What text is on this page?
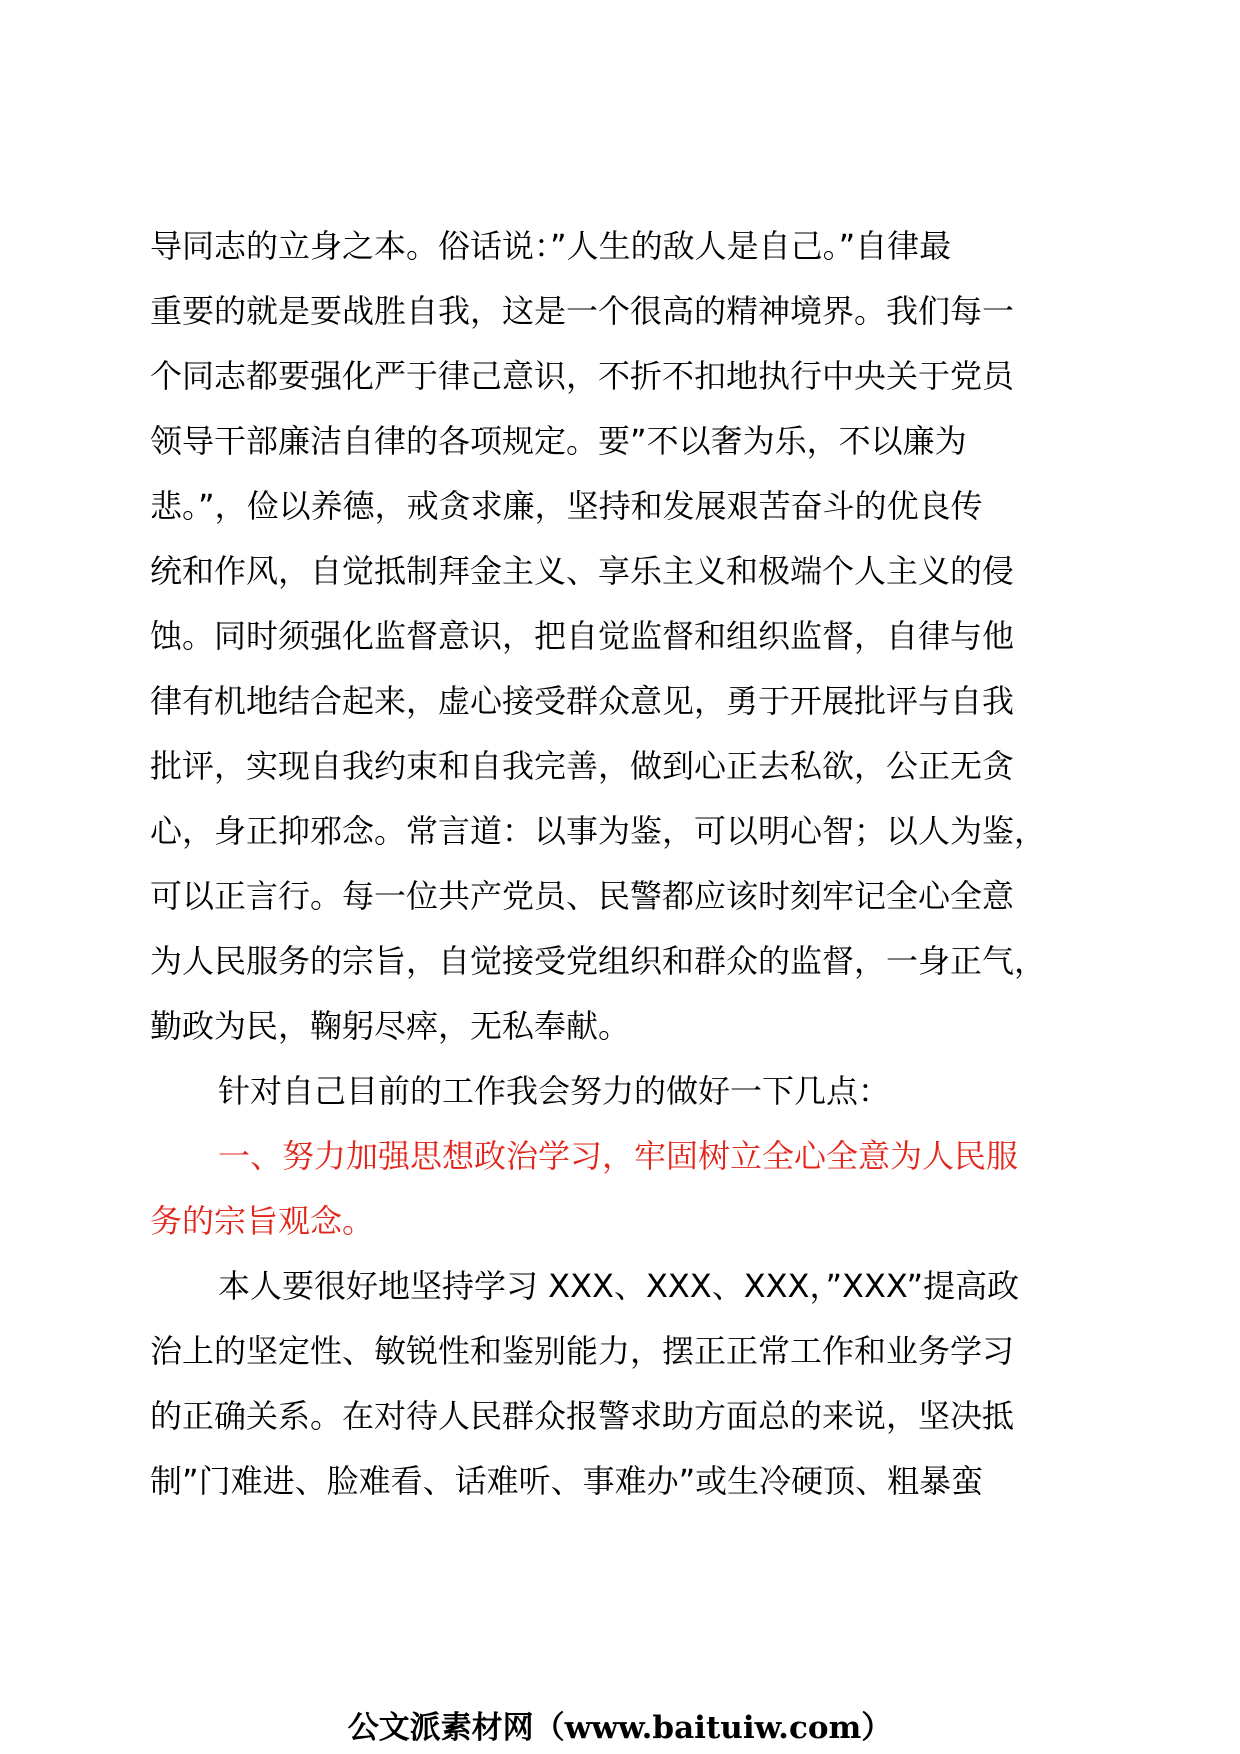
导同志的立身之本。俗话说：”人生的敌人是自己。”自律最
重要的就是要战胜自我，这是一个很高的精神境界。我们每一
个同志都要强化严于律己意识，不折不扣地执行中央关于党员
领导干部廉洁自律的各项规定。要”不以奢为乐，不以廉为
悲。”，俭以养德，戒贪求廉，坚持和发展艰苦奋斗的优良传
统和作风，自觉抵制拜金主义、享乐主义和极端个人主义的侵
蚀。同时须强化监督意识，把自觉监督和组织监督，自律与他
律有机地结合起来，虚心接受群众意见，勇于开展批评与自我
批评，实现自我约束和自我完善，做到心正去私欲，公正无贪
心，身正抑邪念。常言道：以事为鉴，可以明心智；以人为鉴，
可以正言行。每一位共产党员、民警都应该时刻牢记全心全意
为人民服务的宗旨，自觉接受党组织和群众的监督，一身正气，
勤政为民，鞠躬尽瘁，无私奉献。
针对自己目前的工作我会努力的做好一下几点：
一、努力加强思想政治学习，牢固树立全心全意为人民服
务的宗旨观念。
本人要很好地坚持学习 XXX、XXX、XXX，”XXX”提高政
治上的坚定性、敏锐性和鉴别能力，摆正正常工作和业务学习
的正确关系。在对待人民群众报警求助方面总的来说，坚决抵
制”门难进、脸难看、话难听、事难办”或生冷硬顶、粗暴蛮
公文派素材网（www.baituiw.com）
